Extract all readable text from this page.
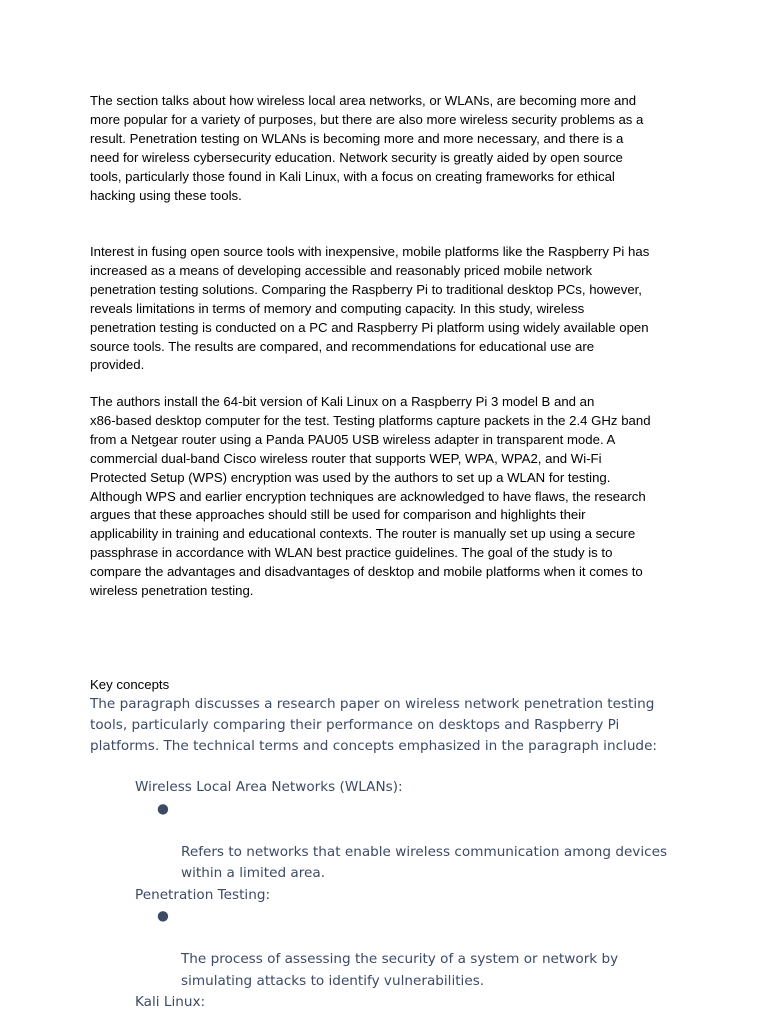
The section talks about how wireless local area networks, or WLANs, are becoming more and
more popular for a variety of purposes, but there are also more wireless security problems as a
result. Penetration testing on WLANs is becoming more and more necessary, and there is a
need for wireless cybersecurity education. Network security is greatly aided by open source
tools, particularly those found in Kali Linux, with a focus on creating frameworks for ethical
hacking using these tools.

Interest in fusing open source tools with inexpensive, mobile platforms like the Raspberry Pi has
increased as a means of developing accessible and reasonably priced mobile network
penetration testing solutions. Comparing the Raspberry Pi to traditional desktop PCs, however,
reveals limitations in terms of memory and computing capacity. In this study, wireless
penetration testing is conducted on a PC and Raspberry Pi platform using widely available open
source tools. The results are compared, and recommendations for educational use are
provided.

The authors install the 64-bit version of Kali Linux on a Raspberry Pi 3 model B and an
x86-based desktop computer for the test. Testing platforms capture packets in the 2.4 GHz band
from a Netgear router using a Panda PAU05 USB wireless adapter in transparent mode. A
commercial dual-band Cisco wireless router that supports WEP, WPA, WPA2, and Wi-Fi
Protected Setup (WPS) encryption was used by the authors to set up a WLAN for testing.
Although WPS and earlier encryption techniques are acknowledged to have flaws, the research
argues that these approaches should still be used for comparison and highlights their
applicability in training and educational contexts. The router is manually set up using a secure
passphrase in accordance with WLAN best practice guidelines. The goal of the study is to
compare the advantages and disadvantages of desktop and mobile platforms when it comes to
wireless penetration testing.

Key concepts

The paragraph discusses a research paper on wireless network penetration testing
tools, particularly comparing their performance on desktops and Raspberry Pi
platforms. The technical terms and concepts emphasized in the paragraph include:

Wireless Local Area Networks (WLANs):

●

Refers to networks that enable wireless communication among devices
within a limited area.

Penetration Testing:

●

The process of assessing the security of a system or network by
simulating attacks to identify vulnerabilities.

Kali Linux:
